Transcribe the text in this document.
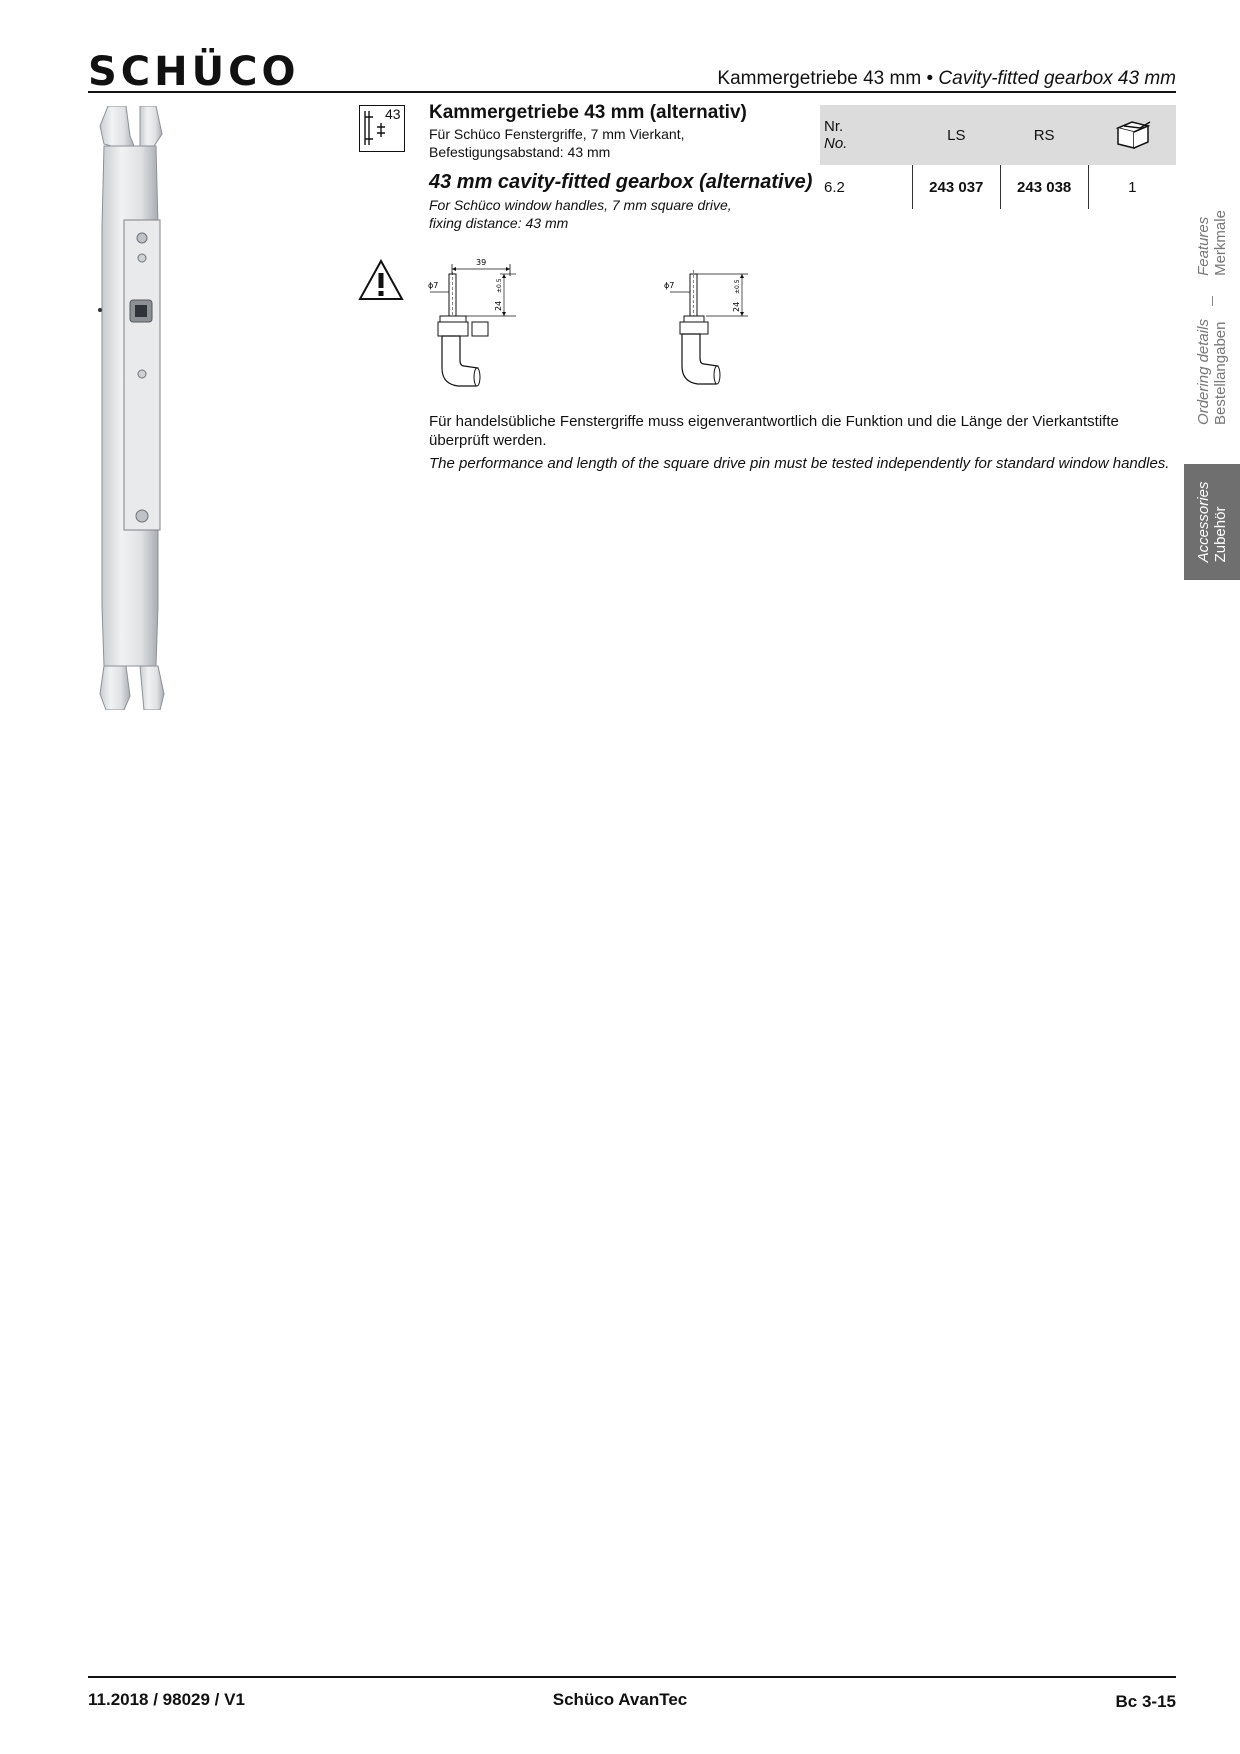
SCHÜCO	Kammergetriebe 43 mm • Cavity-fitted gearbox 43 mm
43 Kammergetriebe 43 mm (alternativ)
Für Schüco Fenstergriffe, 7 mm Vierkant,
Befestigungsabstand: 43 mm
43 mm cavity-fitted gearbox (alternative)
For Schüco window handles, 7 mm square drive,
fixing distance: 43 mm
Nr.
No.	LS	RS	
6.2	243 037	243 038	1
39
ϕ7
24
±0.5	ϕ7
24
±0.5
Für handelsübliche Fenstergriffe muss eigenverantwortlich die Funktion und die Länge der Vierkantstifte
überprüft werden.
The performance and length of the square drive pin must be tested independently for standard window handles.
Features Merkmale
Ordering details Bestellangaben
Accessories Zubehör
11.2018 / 98029 / V1	Schüco AvanTec	Bc 3-15
